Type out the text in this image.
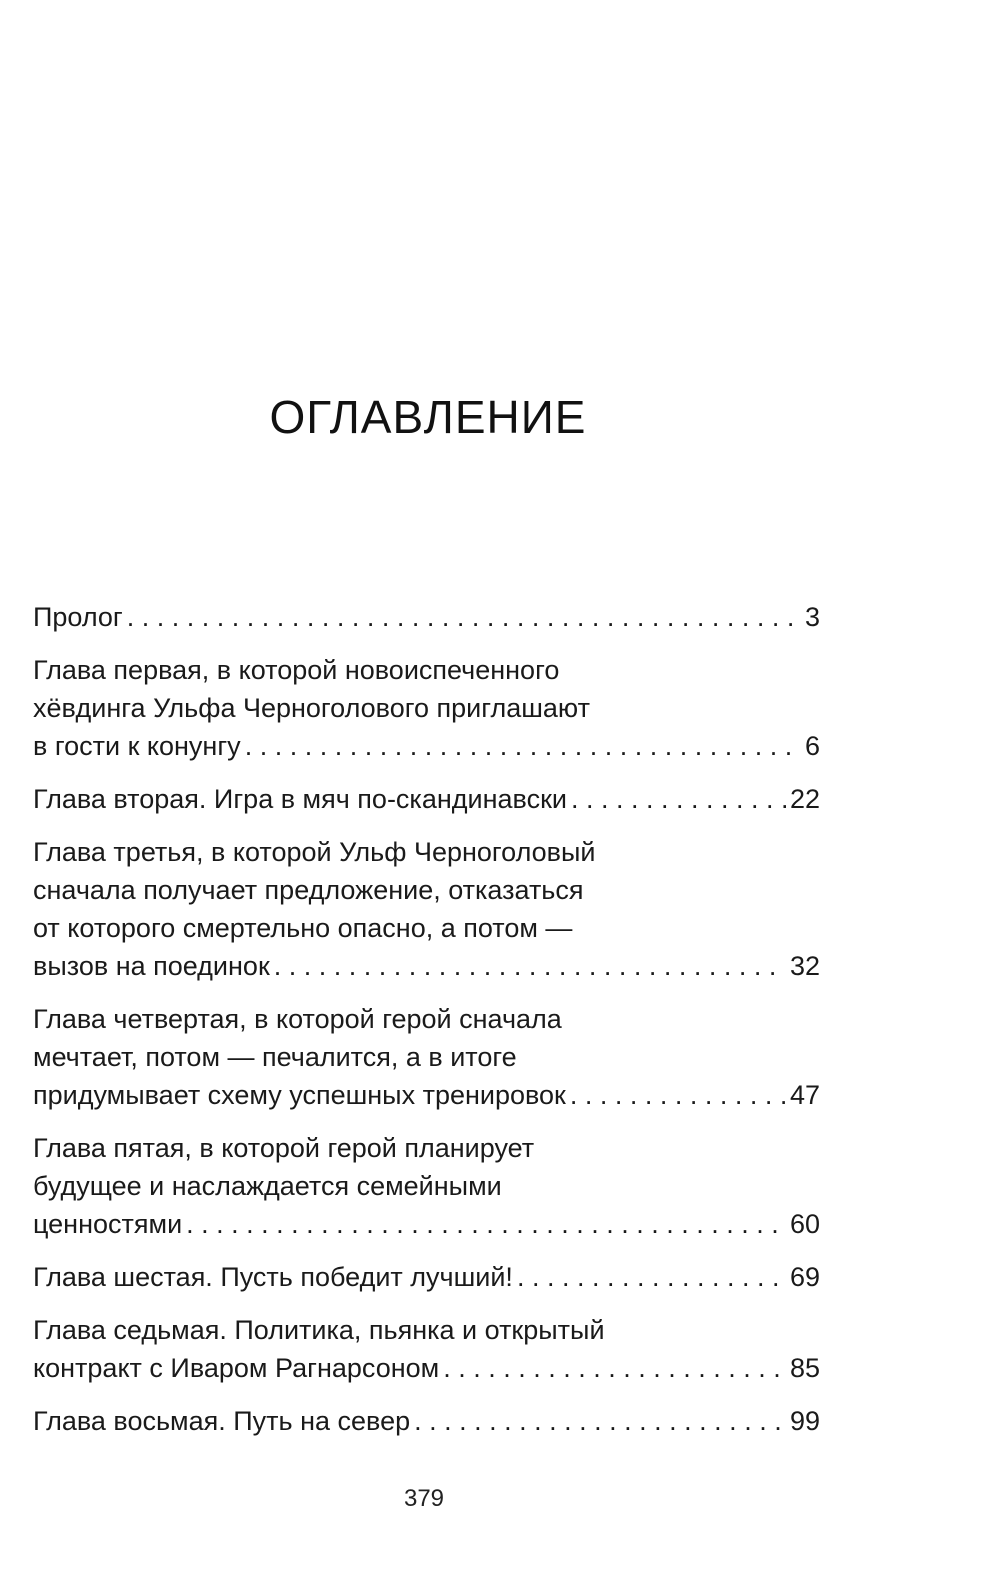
ОГЛАВЛЕНИЕ
Пролог . . .	3
Глава первая, в которой новоиспеченного
хёвдинга Ульфа Черноголового приглашают
в гости к конунгу . . .	6
Глава вторая. Игра в мяч по-скандинавски . . .	22
Глава третья, в которой Ульф Черноголовый
сначала получает предложение, отказаться
от которого смертельно опасно, а потом —
вызов на поединок . . .	32
Глава четвертая, в которой герой сначала
мечтает, потом — печалится, а в итоге
придумывает схему успешных тренировок . . .	47
Глава пятая, в которой герой планирует
будущее и наслаждается семейными
ценностями . . .	60
Глава шестая. Пусть победит лучший! . . .	69
Глава седьмая. Политика, пьянка и открытый
контракт с Иваром Рагнарсоном . . .	85
Глава восьмая. Путь на север . . .	99
379
